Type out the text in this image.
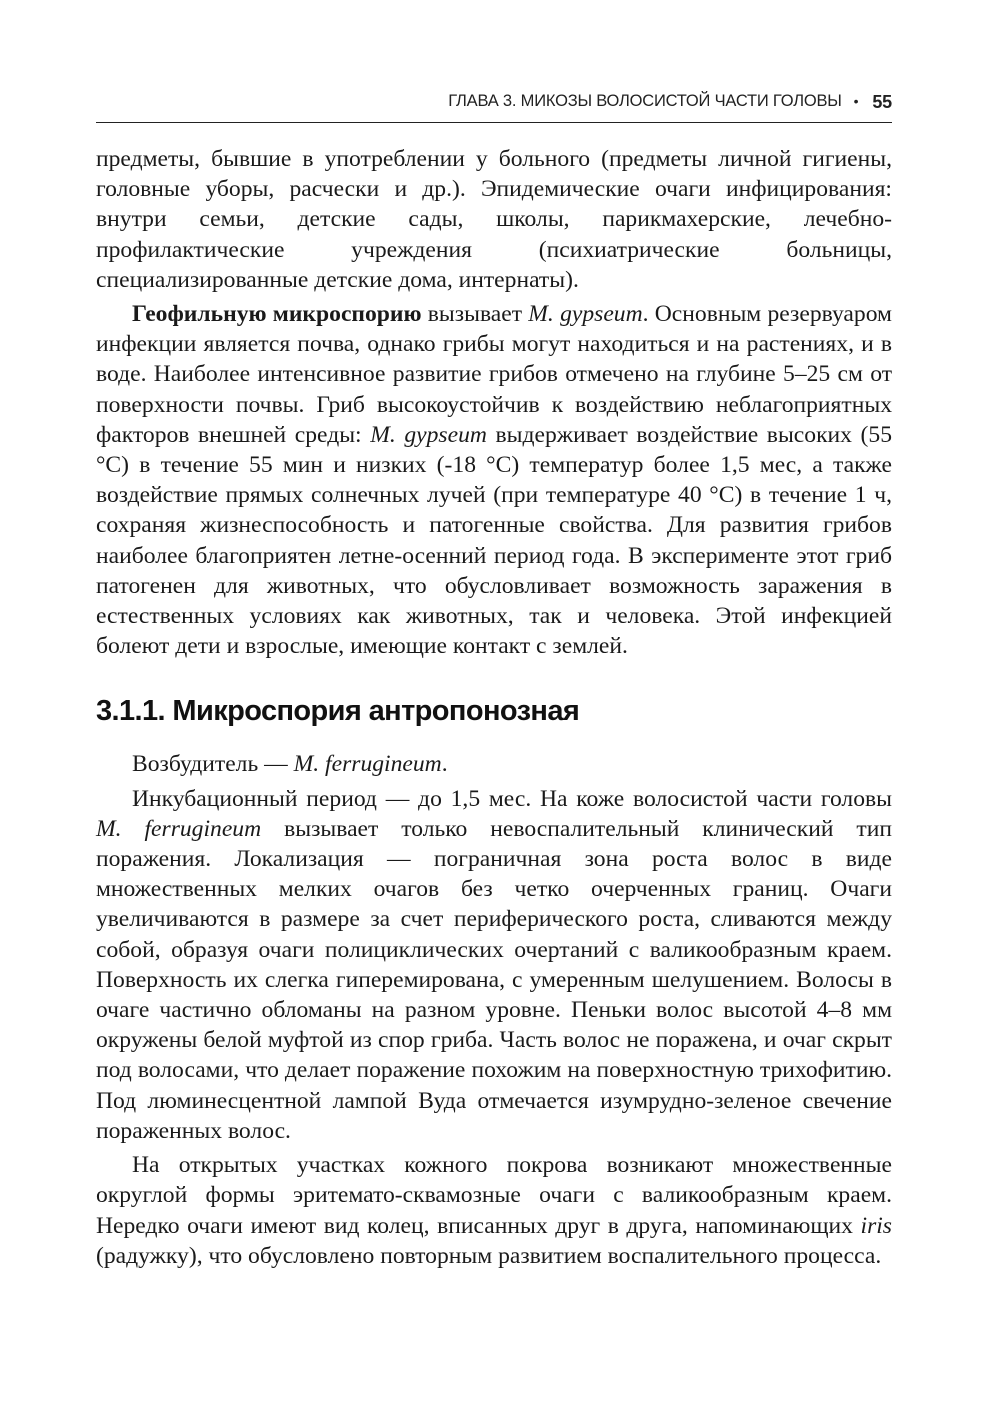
ГЛАВА 3. МИКОЗЫ ВОЛОСИСТОЙ ЧАСТИ ГОЛОВЫ • 55

предметы, бывшие в употреблении у больного (предметы личной гигиены, головные уборы, расчески и др.). Эпидемические очаги инфицирования: внутри семьи, детские сады, школы, парикмахерские, лечебно-профилактические учреждения (психиатрические больницы, специализированные детские дома, интернаты).

Геофильную микроспорию вызывает M. gypseum. Основным резервуаром инфекции является почва, однако грибы могут находиться и на растениях, и в воде. Наиболее интенсивное развитие грибов отмечено на глубине 5–25 см от поверхности почвы. Гриб высокоустойчив к воздействию неблагоприятных факторов внешней среды: M. gypseum выдерживает воздействие высоких (55 °С) в течение 55 мин и низких (-18 °С) температур более 1,5 мес, а также воздействие прямых солнечных лучей (при температуре 40 °С) в течение 1 ч, сохраняя жизнеспособность и патогенные свойства. Для развития грибов наиболее благоприятен летне-осенний период года. В эксперименте этот гриб патогенен для животных, что обусловливает возможность заражения в естественных условиях как животных, так и человека. Этой инфекцией болеют дети и взрослые, имеющие контакт с землей.

3.1.1. Микроспория антропонозная

Возбудитель — M. ferrugineum.

Инкубационный период — до 1,5 мес. На коже волосистой части головы M. ferrugineum вызывает только невоспалительный клинический тип поражения. Локализация — пограничная зона роста волос в виде множественных мелких очагов без четко очерченных границ. Очаги увеличиваются в размере за счет периферического роста, сливаются между собой, образуя очаги полициклических очертаний с валикообразным краем. Поверхность их слегка гиперемирована, с умеренным шелушением. Волосы в очаге частично обломаны на разном уровне. Пеньки волос высотой 4–8 мм окружены белой муфтой из спор гриба. Часть волос не поражена, и очаг скрыт под волосами, что делает поражение похожим на поверхностную трихофитию. Под люминесцентной лампой Вуда отмечается изумрудно-зеленое свечение пораженных волос.

На открытых участках кожного покрова возникают множественные округлой формы эритемато-сквамозные очаги с валикообразным краем. Нередко очаги имеют вид колец, вписанных друг в друга, напоминающих iris (радужку), что обусловлено повторным развитием воспалительного процесса.
